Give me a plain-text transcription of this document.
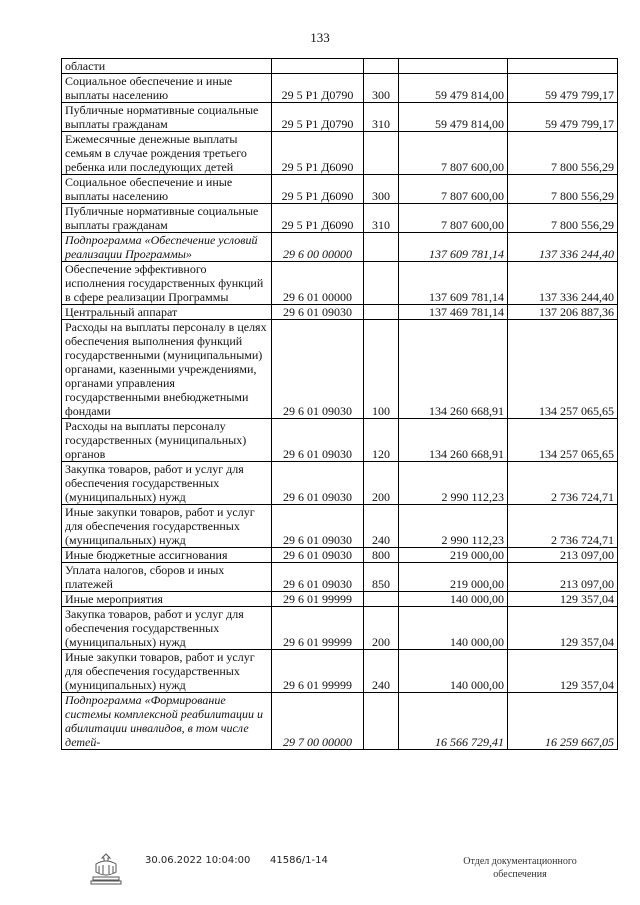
133
области				
Социальное обеспечение и иные выплаты населению	29 5 Р1 Д0790	300	59 479 814,00	59 479 799,17
Публичные нормативные социальные выплаты гражданам	29 5 Р1 Д0790	310	59 479 814,00	59 479 799,17
Ежемесячные денежные выплаты семьям в случае рождения третьего ребенка или последующих детей	29 5 Р1 Д6090		7 807 600,00	7 800 556,29
Социальное обеспечение и иные выплаты населению	29 5 Р1 Д6090	300	7 807 600,00	7 800 556,29
Публичные нормативные социальные выплаты гражданам	29 5 Р1 Д6090	310	7 807 600,00	7 800 556,29
Подпрограмма «Обеспечение условий реализации Программы»	29 6 00 00000		137 609 781,14	137 336 244,40
Обеспечение эффективного исполнения государственных функций в сфере реализации Программы	29 6 01 00000		137 609 781,14	137 336 244,40
Центральный аппарат	29 6 01 09030		137 469 781,14	137 206 887,36
Расходы на выплаты персоналу в целях обеспечения выполнения функций государственными (муниципальными) органами, казенными учреждениями, органами управления государственными внебюджетными фондами	29 6 01 09030	100	134 260 668,91	134 257 065,65
Расходы на выплаты персоналу государственных (муниципальных) органов	29 6 01 09030	120	134 260 668,91	134 257 065,65
Закупка товаров, работ и услуг для обеспечения государственных (муниципальных) нужд	29 6 01 09030	200	2 990 112,23	2 736 724,71
Иные закупки товаров, работ и услуг для обеспечения государственных (муниципальных) нужд	29 6 01 09030	240	2 990 112,23	2 736 724,71
Иные бюджетные ассигнования	29 6 01 09030	800	219 000,00	213 097,00
Уплата налогов, сборов и иных платежей	29 6 01 09030	850	219 000,00	213 097,00
Иные мероприятия	29 6 01 99999		140 000,00	129 357,04
Закупка товаров, работ и услуг для обеспечения государственных (муниципальных) нужд	29 6 01 99999	200	140 000,00	129 357,04
Иные закупки товаров, работ и услуг для обеспечения государственных (муниципальных) нужд	29 6 01 99999	240	140 000,00	129 357,04
Подпрограмма «Формирование системы комплексной реабилитации и абилитации инвалидов, в том числе детей-	29 7 00 00000		16 566 729,41	16 259 667,05
30.06.2022 10:04:00 41586/1-14	Отдел документационного
обеспечения
